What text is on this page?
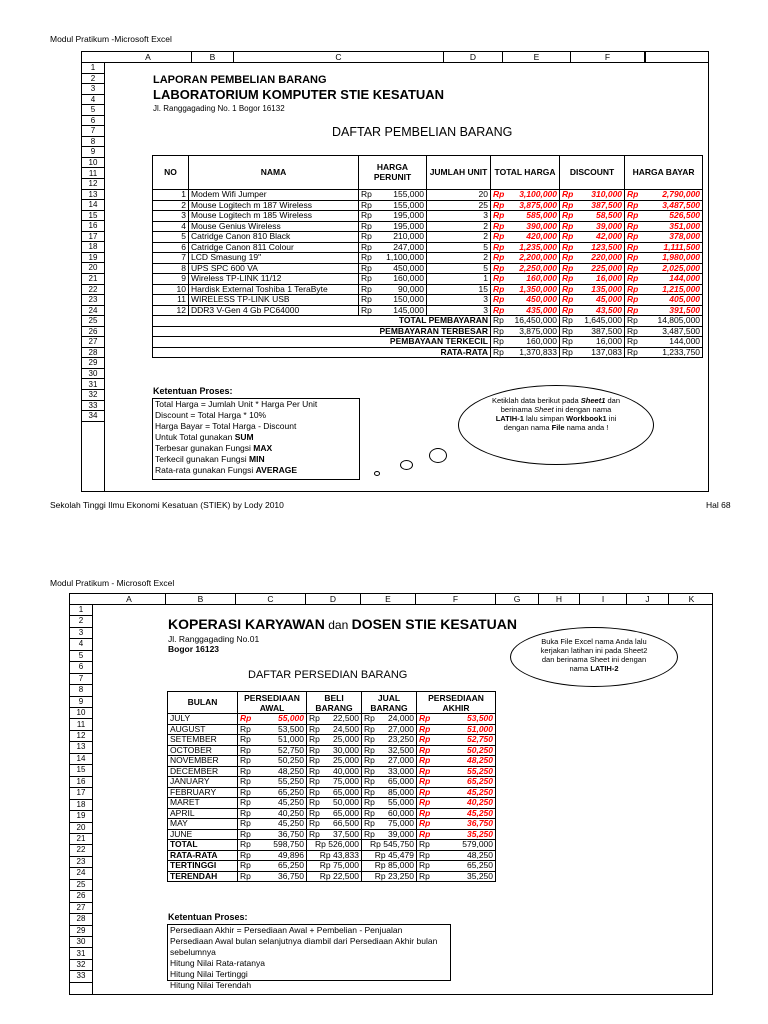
Modul Pratikum -Microsoft Excel
A	B	C	D	E	F
1
2
3
4
5
6
7
8
9
10
11
12
13
14
15
16
17
18
19
20
21
22
23
24
25
26
27
28
29
30
31
32
33
34
LAPORAN PEMBELIAN BARANG
LABORATORIUM KOMPUTER STIE KESATUAN
Jl. Ranggagading No. 1 Bogor 16132
DAFTAR PEMBELIAN BARANG
NO	NAMA	HARGA PERUNIT		JUMLAH UNIT	TOTAL HARGA		DISCOUNT		HARGA BAYAR	
1	Modem Wifi Jumper	Rp	155,000	20	Rp	3,100,000	Rp	310,000	Rp	2,790,000
2	Mouse Logitech m 187 Wireless	Rp	155,000	25	Rp	3,875,000	Rp	387,500	Rp	3,487,500
3	Mouse Logitech m 185 Wireless	Rp	195,000	3	Rp	585,000	Rp	58,500	Rp	526,500
4	Mouse Genius Wireless	Rp	195,000	2	Rp	390,000	Rp	39,000	Rp	351,000
5	Catridge Canon 810 Black	Rp	210,000	2	Rp	420,000	Rp	42,000	Rp	378,000
6	Catridge Canon 811 Colour	Rp	247,000	5	Rp	1,235,000	Rp	123,500	Rp	1,111,500
7	LCD Smasung 19"	Rp	1,100,000	2	Rp	2,200,000	Rp	220,000	Rp	1,980,000
8	UPS SPC 600 VA	Rp	450,000	5	Rp	2,250,000	Rp	225,000	Rp	2,025,000
9	Wireless TP-LINK 11/12	Rp	160,000	1	Rp	160,000	Rp	16,000	Rp	144,000
10	Hardisk External Toshiba 1 TeraByte	Rp	90,000	15	Rp	1,350,000	Rp	135,000	Rp	1,215,000
11	WIRELESS TP-LINK USB	Rp	150,000	3	Rp	450,000	Rp	45,000	Rp	405,000
12	DDR3 V-Gen 4 Gb PC64000	Rp	145,000	3	Rp	435,000	Rp	43,500	Rp	391,500
TOTAL PEMBAYARAN					Rp	16,450,000	Rp	1,645,000	Rp	14,805,000
PEMBAYARAN TERBESAR					Rp	3,875,000	Rp	387,500	Rp	3,487,500
PEMBAYAAN TERKECIL					Rp	160,000	Rp	16,000	Rp	144,000
RATA-RATA					Rp	1,370,833	Rp	137,083	Rp	1,233,750
Ketentuan Proses:
Total Harga = Jumlah Unit * Harga Per Unit
Discount = Total Harga * 10%
Harga Bayar = Total Harga - Discount
Untuk Total gunakan SUM
Terbesar gunakan Fungsi MAX
Terkecil gunakan Fungsi MIN
Rata-rata gunakan Fungsi AVERAGE
Ketiklah data berikut pada Sheet1 dan
berinama Sheet ini dengan nama
LATIH-1 lalu simpan Workbook1 ini
dengan nama File nama anda !
Sekolah Tinggi Ilmu Ekonomi Kesatuan (STIEK) by Lody 2010	Hal 68
Modul Pratikum - Microsoft Excel
A	B	C	D	E	F	G	H	I	J	K
1
2
3
4
5
6
7
8
9
10
11
12
13
14
15
16
17
18
19
20
21
22
23
24
25
26
27
28
29
30
31
32
33
KOPERASI KARYAWAN dan DOSEN STIE KESATUAN
Jl. Ranggagading No.01
Bogor 16123
DAFTAR PERSEDIAN BARANG
BULAN	PERSEDIAAN AWAL		BELI BARANG		JUAL BARANG		PERSEDIAAN AKHIR	
JULY	Rp	55,000	Rp	22,500	Rp	24,000	Rp	53,500
AUGUST	Rp	53,500	Rp	24,500	Rp	27,000	Rp	51,000
SETEMBER	Rp	51,000	Rp	25,000	Rp	23,250	Rp	52,750
OCTOBER	Rp	52,750	Rp	30,000	Rp	32,500	Rp	50,250
NOVEMBER	Rp	50,250	Rp	25,000	Rp	27,000	Rp	48,250
DECEMBER	Rp	48,250	Rp	40,000	Rp	33,000	Rp	55,250
JANUARY	Rp	55,250	Rp	75,000	Rp	65,000	Rp	65,250
FEBRUARY	Rp	65,250	Rp	65,000	Rp	85,000	Rp	45,250
MARET	Rp	45,250	Rp	50,000	Rp	55,000	Rp	40,250
APRIL	Rp	40,250	Rp	65,000	Rp	60,000	Rp	45,250
MAY	Rp	45,250	Rp	66,500	Rp	75,000	Rp	36,750
JUNE	Rp	36,750	Rp	37,500	Rp	39,000	Rp	35,250
TOTAL	Rp	598,750	Rp 526,000		Rp 545,750		Rp	579,000
RATA-RATA	Rp	49,896	Rp 43,833		Rp 45,479		Rp	48,250
TERTINGGI	Rp	65,250	Rp 75,000		Rp 85,000		Rp	65,250
TERENDAH	Rp	36,750	Rp 22,500		Rp 23,250		Rp	35,250
Ketentuan Proses:
Persediaan Akhir = Persediaan Awal + Pembelian - Penjualan
Persediaan Awal bulan selanjutnya diambil dari Persediaan Akhir bulan sebelumnya
Hitung Nilai Rata-ratanya
Hitung Nilai Tertinggi
Hitung Nilai Terendah
Buka File Excel nama Anda lalu
kerjakan latihan ini pada Sheet2
dan berinama Sheet ini dengan
nama LATIH-2
